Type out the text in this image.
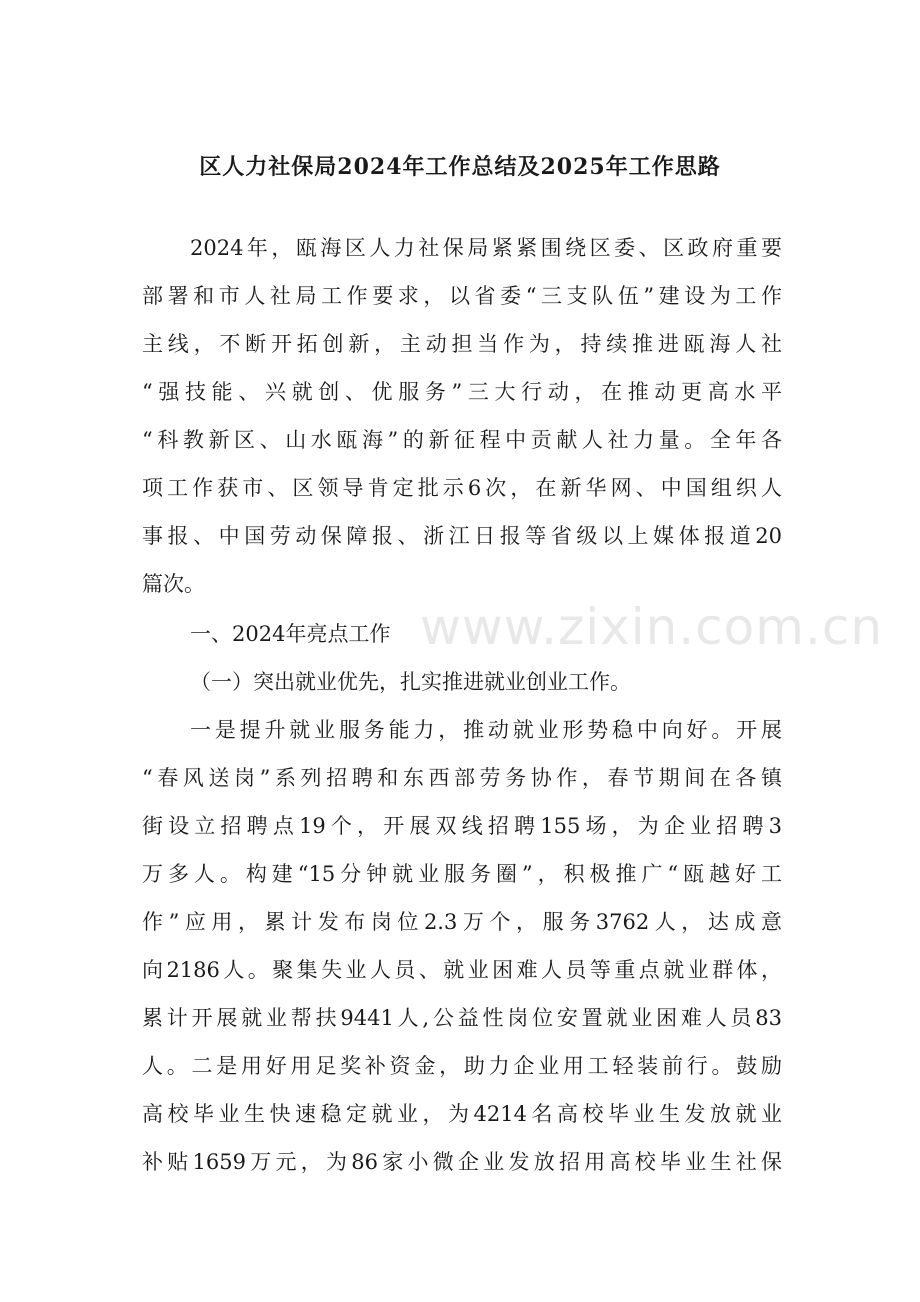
区人力社保局2024年工作总结及2025年工作思路
2024年，瓯海区人力社保局紧紧围绕区委、区政府重要
部署和市人社局工作要求，以省委“三支队伍”建设为工作
主线，不断开拓创新，主动担当作为，持续推进瓯海人社
“强技能、兴就创、优服务”三大行动，在推动更高水平
“科教新区、山水瓯海”的新征程中贡献人社力量。全年各
项工作获市、区领导肯定批示6次，在新华网、中国组织人
事报、中国劳动保障报、浙江日报等省级以上媒体报道20
篇次。
一、2024年亮点工作
（一）突出就业优先，扎实推进就业创业工作。
一是提升就业服务能力，推动就业形势稳中向好。开展
“春风送岗”系列招聘和东西部劳务协作，春节期间在各镇
街设立招聘点19个，开展双线招聘155场，为企业招聘3
万多人。构建“15分钟就业服务圈”，积极推广“瓯越好工
作”应用，累计发布岗位2.3万个，服务3762人，达成意
向2186人。聚集失业人员、就业困难人员等重点就业群体，
累计开展就业帮扶9441人,公益性岗位安置就业困难人员83
人。二是用好用足奖补资金，助力企业用工轻装前行。鼓励
高校毕业生快速稳定就业，为4214名高校毕业生发放就业
补贴1659万元，为86家小微企业发放招用高校毕业生社保
www.zixin.com.cn
